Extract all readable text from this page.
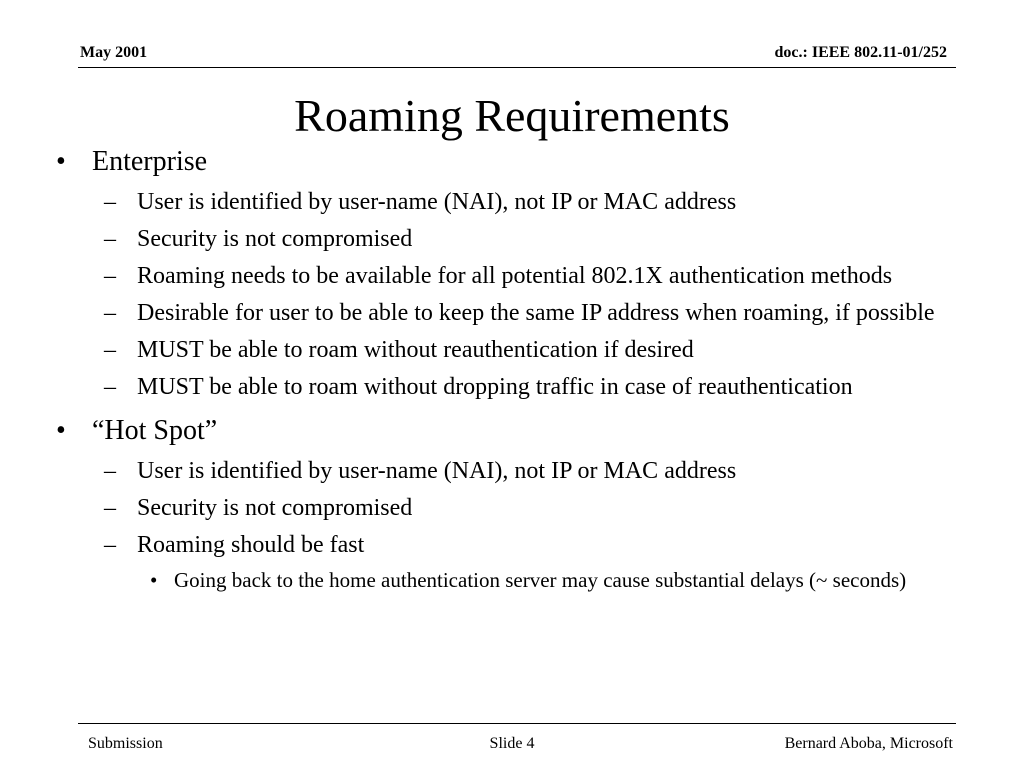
May 2001	doc.: IEEE 802.11-01/252
Roaming Requirements
• Enterprise
– User is identified by user-name (NAI), not IP or MAC address
– Security is not compromised
– Roaming needs to be available for all potential 802.1X authentication methods
– Desirable for user to be able to keep the same IP address when roaming, if possible
– MUST be able to roam without reauthentication if desired
– MUST be able to roam without dropping traffic in case of reauthentication
• “Hot Spot”
– User is identified by user-name (NAI), not IP or MAC address
– Security is not compromised
– Roaming should be fast
• Going back to the home authentication server may cause substantial delays (~ seconds)
Submission	Slide 4	Bernard Aboba, Microsoft
